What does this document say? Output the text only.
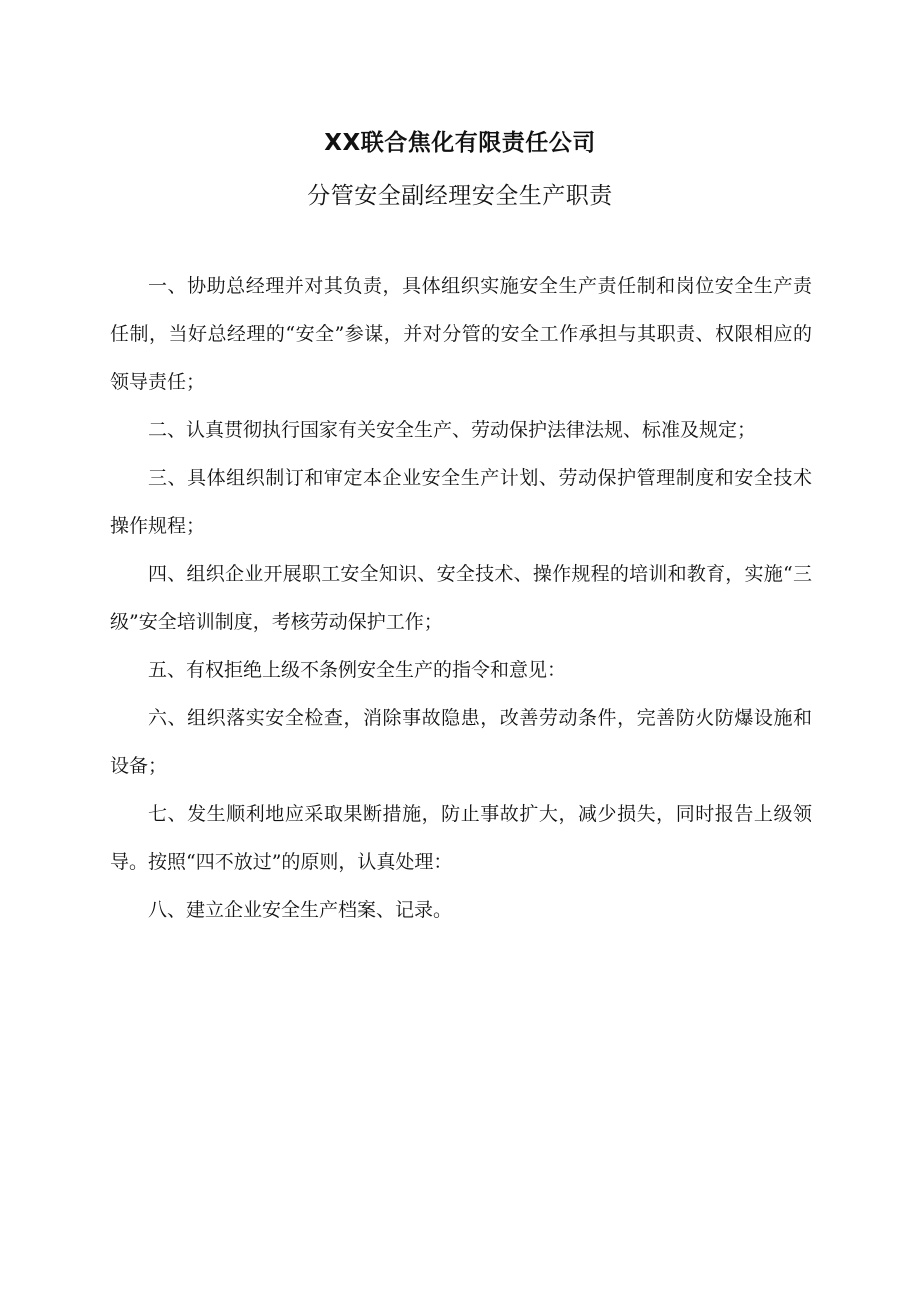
XX联合焦化有限责任公司
分管安全副经理安全生产职责

一、协助总经理并对其负责，具体组织实施安全生产责任制和岗位安全生产责任制，当好总经理的“安全”参谋，并对分管的安全工作承担与其职责、权限相应的领导责任；

二、认真贯彻执行国家有关安全生产、劳动保护法律法规、标准及规定；

三、具体组织制订和审定本企业安全生产计划、劳动保护管理制度和安全技术操作规程；

四、组织企业开展职工安全知识、安全技术、操作规程的培训和教育，实施“三级”安全培训制度，考核劳动保护工作；

五、有权拒绝上级不条例安全生产的指令和意见：

六、组织落实安全检查，消除事故隐患，改善劳动条件，完善防火防爆设施和设备；

七、发生顺利地应采取果断措施，防止事故扩大，减少损失，同时报告上级领导。按照“四不放过”的原则，认真处理：

八、建立企业安全生产档案、记录。
